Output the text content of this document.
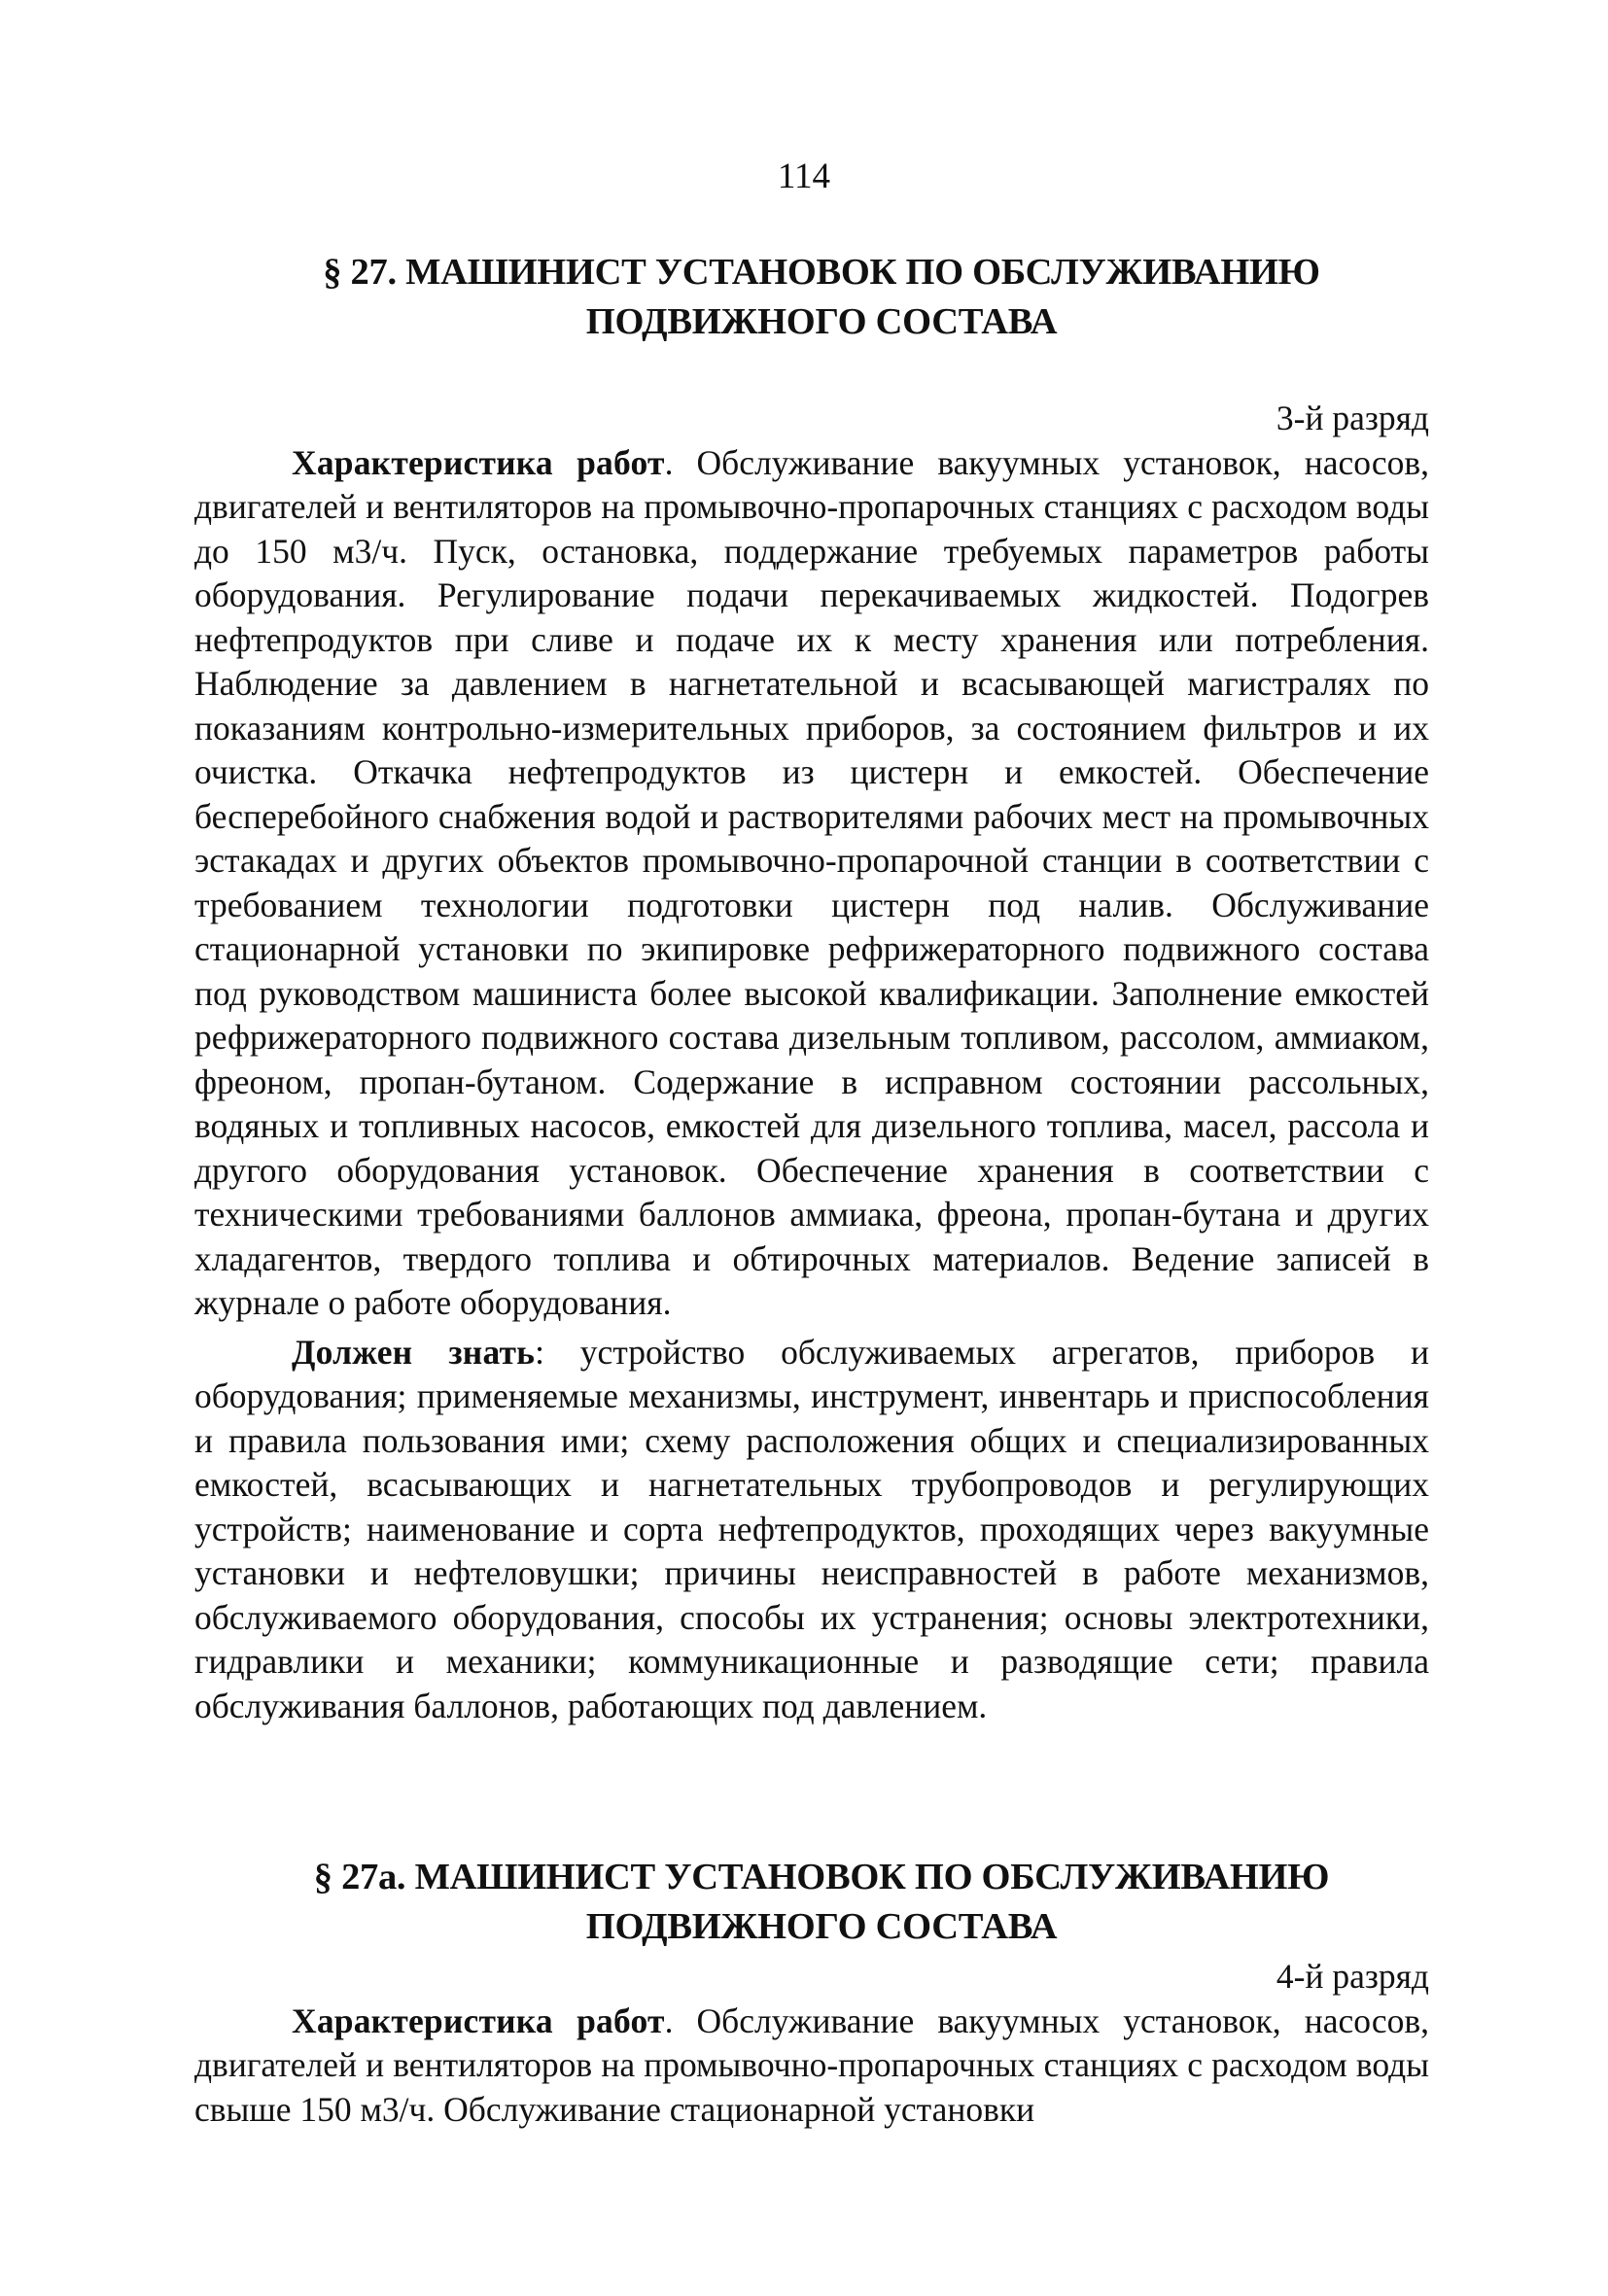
114
§ 27. МАШИНИСТ УСТАНОВОК ПО ОБСЛУЖИВАНИЮ
ПОДВИЖНОГО СОСТАВА
3-й разряд

Характеристика работ. Обслуживание вакуумных установок, насосов, двигателей и вентиляторов на промывочно-пропарочных станциях с расходом воды до 150 м3/ч. Пуск, остановка, поддержание требуемых параметров работы оборудования. Регулирование подачи перекачиваемых жидкостей. Подогрев нефтепродуктов при сливе и подаче их к месту хранения или потребления. Наблюдение за давлением в нагнетательной и всасывающей магистралях по показаниям контрольно-измерительных приборов, за состоянием фильтров и их очистка. Откачка нефтепродуктов из цистерн и емкостей. Обеспечение бесперебойного снабжения водой и растворителями рабочих мест на промывочных эстакадах и других объектов промывочно-пропарочной станции в соответствии с требованием технологии подготовки цистерн под налив. Обслуживание стационарной установки по экипировке рефрижераторного подвижного состава под руководством машиниста более высокой квалификации. Заполнение емкостей рефрижераторного подвижного состава дизельным топливом, рассолом, аммиаком, фреоном, пропан-бутаном. Содержание в исправном состоянии рассольных, водяных и топливных насосов, емкостей для дизельного топлива, масел, рассола и другого оборудования установок. Обеспечение хранения в соответствии с техническими требованиями баллонов аммиака, фреона, пропан-бутана и других хладагентов, твердого топлива и обтирочных материалов. Ведение записей в журнале о работе оборудования.

Должен знать: устройство обслуживаемых агрегатов, приборов и оборудования; применяемые механизмы, инструмент, инвентарь и приспособления и правила пользования ими; схему расположения общих и специализированных емкостей, всасывающих и нагнетательных трубопроводов и регулирующих устройств; наименование и сорта нефтепродуктов, проходящих через вакуумные установки и нефтеловушки; причины неисправностей в работе механизмов, обслуживаемого оборудования, способы их устранения; основы электротехники, гидравлики и механики; коммуникационные и разводящие сети; правила обслуживания баллонов, работающих под давлением.

§ 27а. МАШИНИСТ УСТАНОВОК ПО ОБСЛУЖИВАНИЮ
ПОДВИЖНОГО СОСТАВА
4-й разряд

Характеристика работ. Обслуживание вакуумных установок, насосов, двигателей и вентиляторов на промывочно-пропарочных станциях с расходом воды свыше 150 м3/ч. Обслуживание стационарной установки
